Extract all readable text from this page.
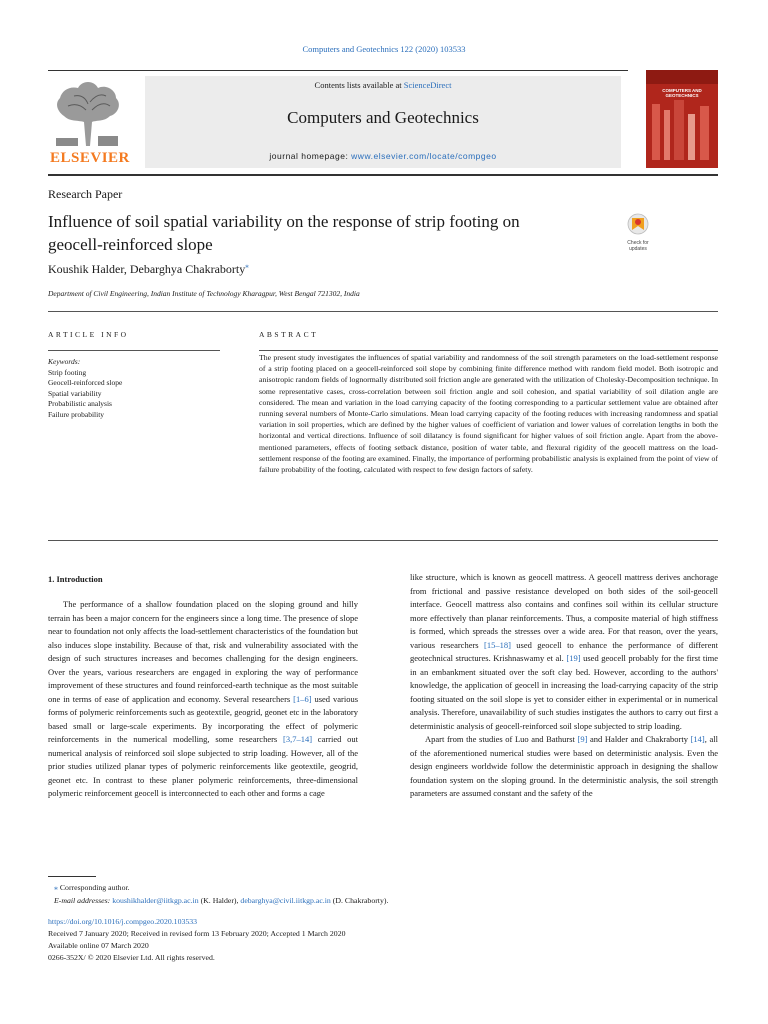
Computers and Geotechnics 122 (2020) 103533
ELSEVIER
Contents lists available at ScienceDirect
Computers and Geotechnics
journal homepage: www.elsevier.com/locate/compgeo
COMPUTERS AND GEOTECHNICS
Research Paper
Influence of soil spatial variability on the response of strip footing on
geocell-reinforced slope	Check for updates
Koushik Halder, Debarghya Chakraborty⁎
Department of Civil Engineering, Indian Institute of Technology Kharagpur, West Bengal 721302, India
ARTICLE INFO	ABSTRACT
Keywords:
Strip footing
Geocell-reinforced slope
Spatial variability
Probabilistic analysis
Failure probability
The present study investigates the influences of spatial variability and randomness of the soil strength parameters on the load-settlement response of a strip footing placed on a geocell-reinforced soil slope by combining finite difference method with random field model. Both isotropic and anisotropic random fields of lognormally distributed soil friction angle are generated with the utilization of Cholesky-Decomposition technique. In some representative cases, cross-correlation between soil friction angle and soil cohesion, and spatial variability of soil dilation angle are considered. The mean and variation in the load carrying capacity of the footing corresponding to a particular settlement value are obtained after running several numbers of Monte-Carlo simulations. Mean load carrying capacity of the footing reduces with increasing randomness and spatial variation in soil properties, which are defined by the higher values of coefficient of variation and lower values of correlation lengths in both the horizontal and vertical directions. Influence of soil dilatancy is found significant for higher values of soil friction angle. Apart from the above-mentioned parameters, effects of footing setback distance, position of water table, and flexural rigidity of the geocell mattress on the load-settlement response of the footing are examined. Finally, the importance of performing probabilistic analysis is explained from the point of view of failure probability of the footing, calculated with respect to few design factors of safety.
1. Introduction
The performance of a shallow foundation placed on the sloping ground and hilly terrain has been a major concern for the engineers since a long time. The presence of slope near to foundation not only affects the load-settlement characteristics of the foundation but also induces slope instability. Because of that, risk and vulnerability associated with the design of such structures increases and becomes challenging for the design engineers. Over the years, various researchers are engaged in exploring the way of performance improvement of these structures and found reinforced-earth technique as the most suitable one in terms of ease of application and economy. Several researchers [1–6] used various forms of polymeric reinforcements such as geotextile, geogrid, geonet etc in the laboratory based small or large-scale experiments. By incorporating the effect of polymeric reinforcements in the numerical modelling, some researchers [3,7–14] carried out numerical analysis of reinforced soil slope subjected to strip loading. However, all of the prior studies utilized planar types of polymeric reinforcements like geotextile, geogrid, geonet etc. In contrast to these planer polymeric reinforcements, three-dimensional polymeric reinforcement geocell is interconnected to each other and forms a cage

like structure, which is known as geocell mattress. A geocell mattress derives anchorage from frictional and passive resistance developed on both sides of the soil-geocell interface. Geocell mattress also contains and confines soil within its cellular structure more effectively than planar reinforcements. Thus, a composite material of high stiffness is formed, which spreads the stresses over a wide area. For that reason, over the years, various researchers [15–18] used geocell to enhance the performance of different geotechnical structures. Krishnaswamy et al. [19] used geocell probably for the first time in an embankment situated over the soft clay bed. However, according to the authors' knowledge, the application of geocell in increasing the load-carrying capacity of the strip footing situated on the soil slope is yet to consider either in experimental or in numerical analysis. Therefore, unavailability of such studies instigates the authors to carry out first a deterministic analysis of geocell-reinforced soil slope subjected to strip loading.

Apart from the studies of Luo and Bathurst [9] and Halder and Chakraborty [14], all of the aforementioned numerical studies were based on deterministic analysis. Even the design engineers worldwide follow the deterministic approach in designing the shallow foundation system on the sloping ground. In the deterministic analysis, the soil strength parameters are assumed constant and the safety of the

⁎ Corresponding author.
E-mail addresses: koushikhalder@iitkgp.ac.in (K. Halder), debarghya@civil.iitkgp.ac.in (D. Chakraborty).
https://doi.org/10.1016/j.compgeo.2020.103533
Received 7 January 2020; Received in revised form 13 February 2020; Accepted 1 March 2020
Available online 07 March 2020
0266-352X/ © 2020 Elsevier Ltd. All rights reserved.
